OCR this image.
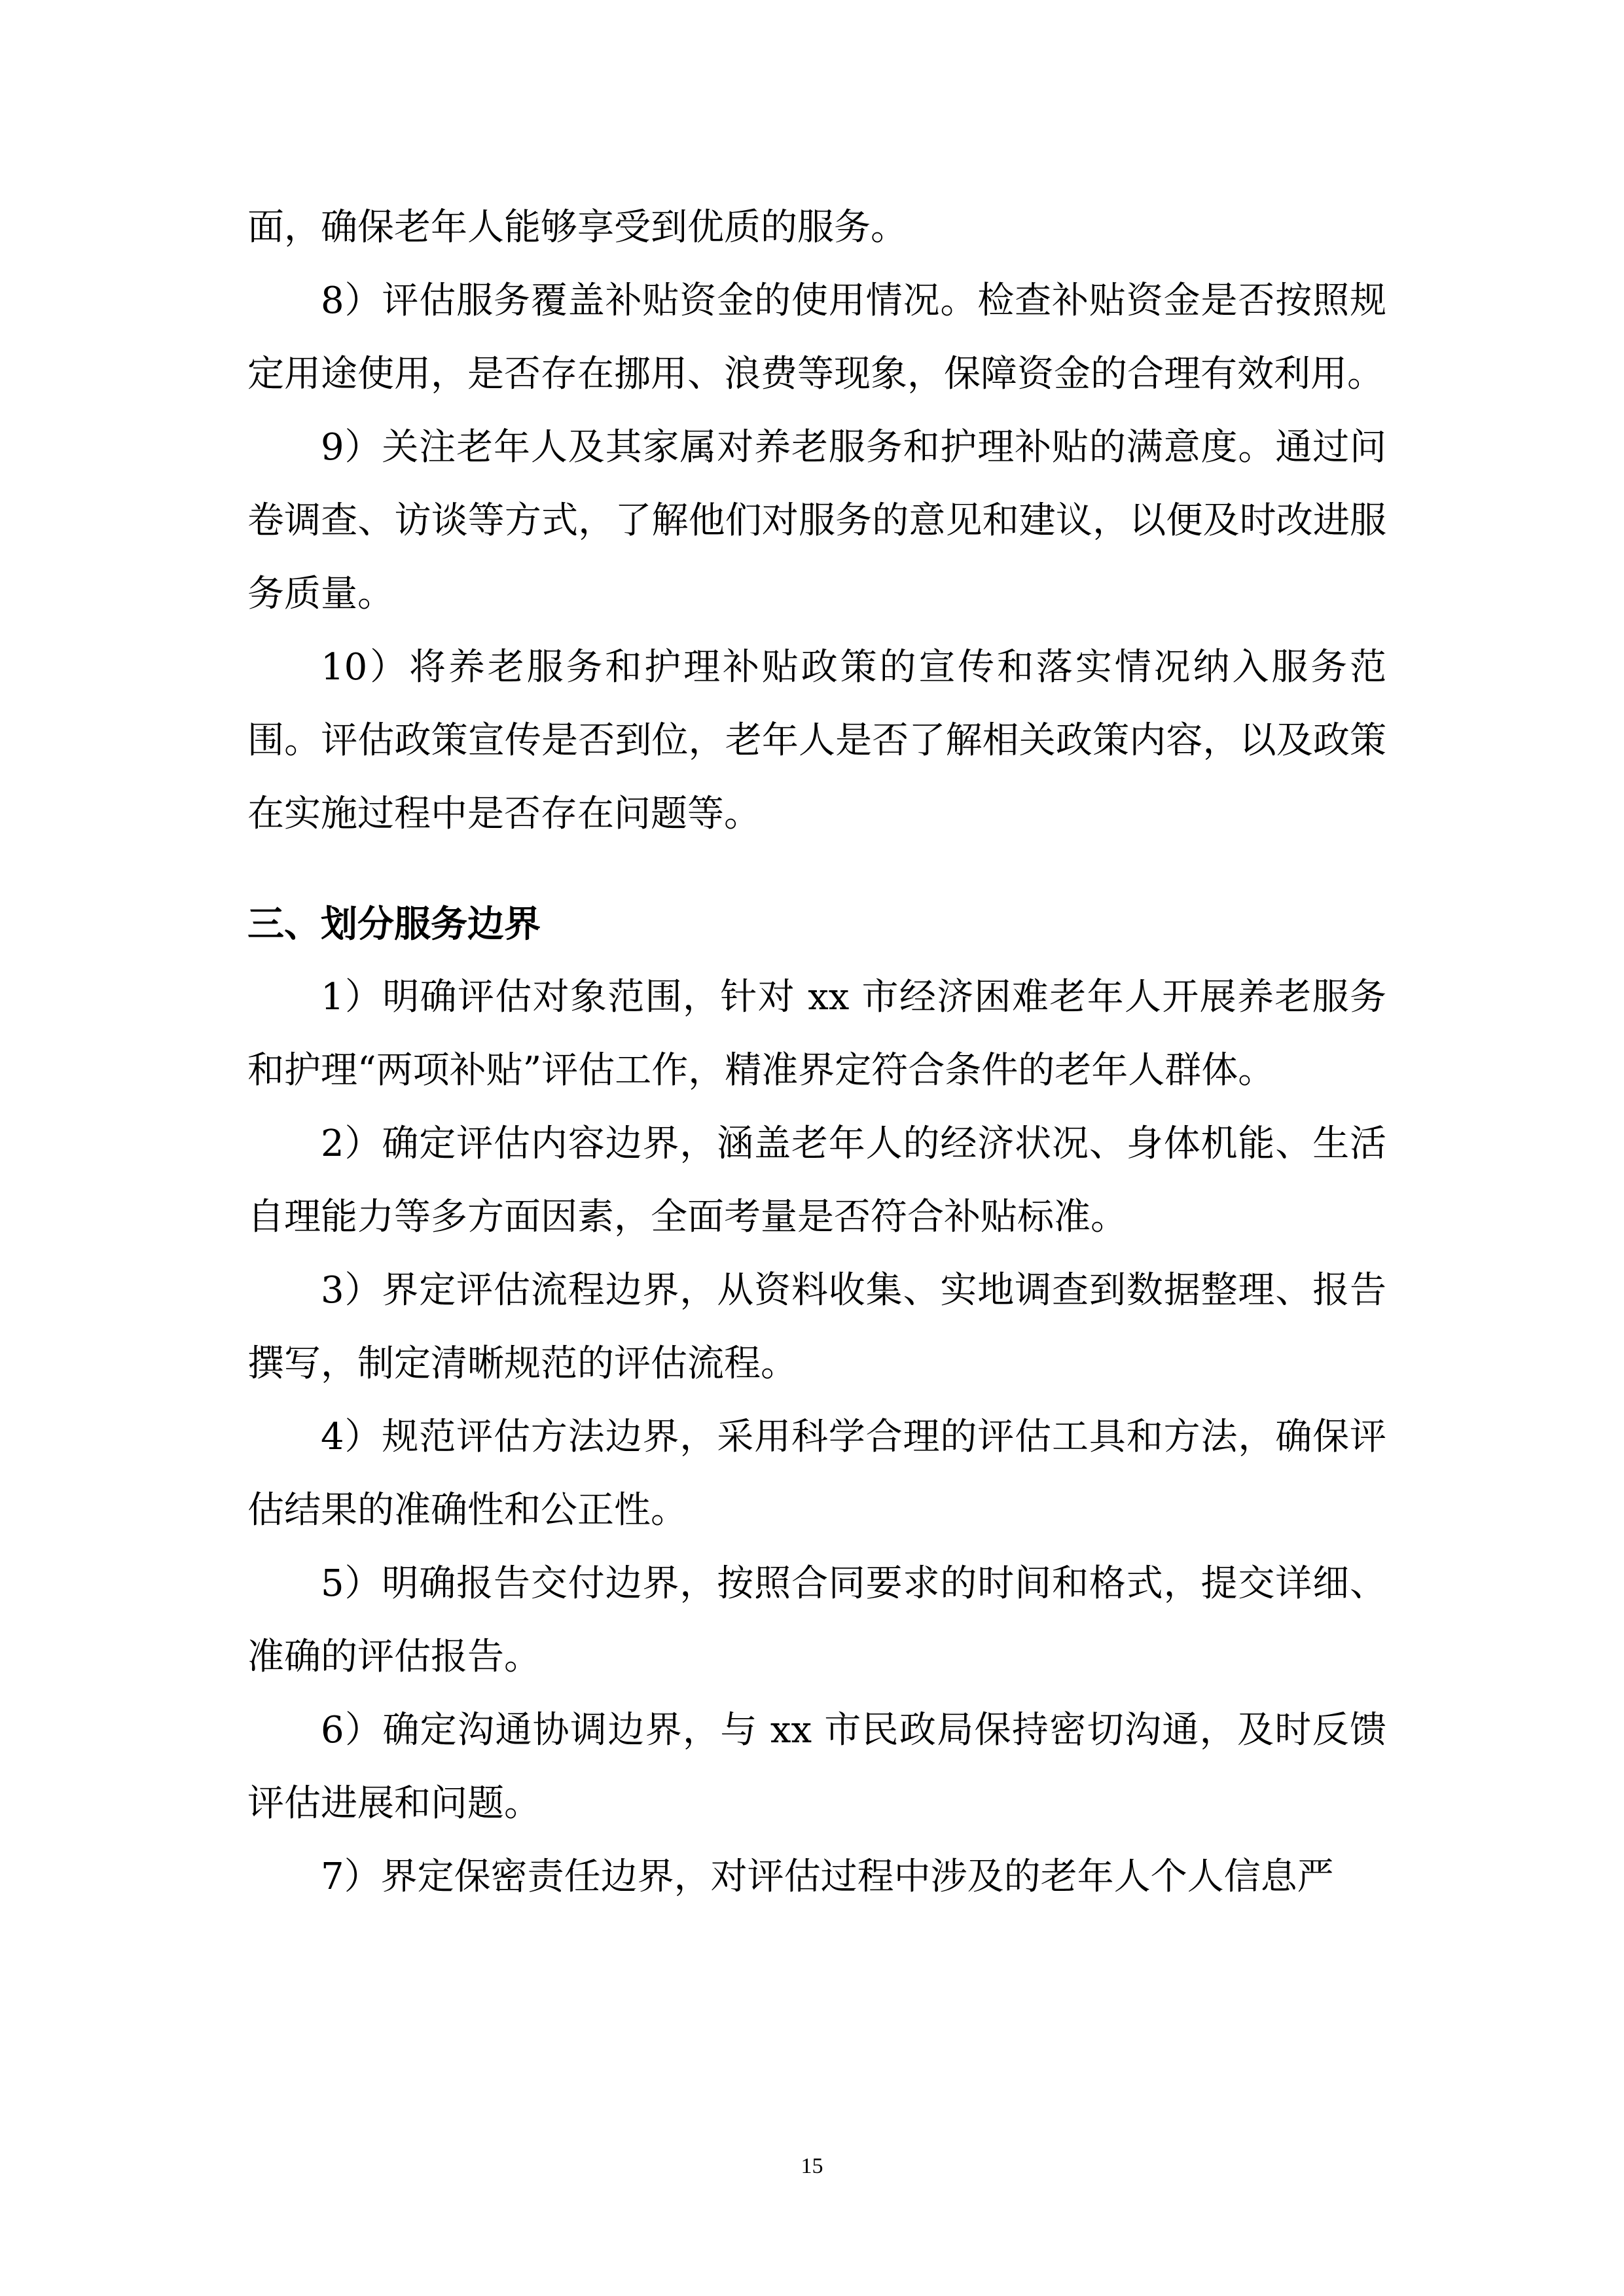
面，确保老年人能够享受到优质的服务。

8）评估服务覆盖补贴资金的使用情况。检查补贴资金是否按照规定用途使用，是否存在挪用、浪费等现象，保障资金的合理有效利用。

9）关注老年人及其家属对养老服务和护理补贴的满意度。通过问卷调查、访谈等方式，了解他们对服务的意见和建议，以便及时改进服务质量。

10）将养老服务和护理补贴政策的宣传和落实情况纳入服务范围。评估政策宣传是否到位，老年人是否了解相关政策内容，以及政策在实施过程中是否存在问题等。

三、划分服务边界

1）明确评估对象范围，针对 xx 市经济困难老年人开展养老服务和护理“两项补贴”评估工作，精准界定符合条件的老年人群体。

2）确定评估内容边界，涵盖老年人的经济状况、身体机能、生活自理能力等多方面因素，全面考量是否符合补贴标准。

3）界定评估流程边界，从资料收集、实地调查到数据整理、报告撰写，制定清晰规范的评估流程。

4）规范评估方法边界，采用科学合理的评估工具和方法，确保评估结果的准确性和公正性。

5）明确报告交付边界，按照合同要求的时间和格式，提交详细、准确的评估报告。

6）确定沟通协调边界，与 xx 市民政局保持密切沟通，及时反馈评估进展和问题。

7）界定保密责任边界，对评估过程中涉及的老年人个人信息严

15
